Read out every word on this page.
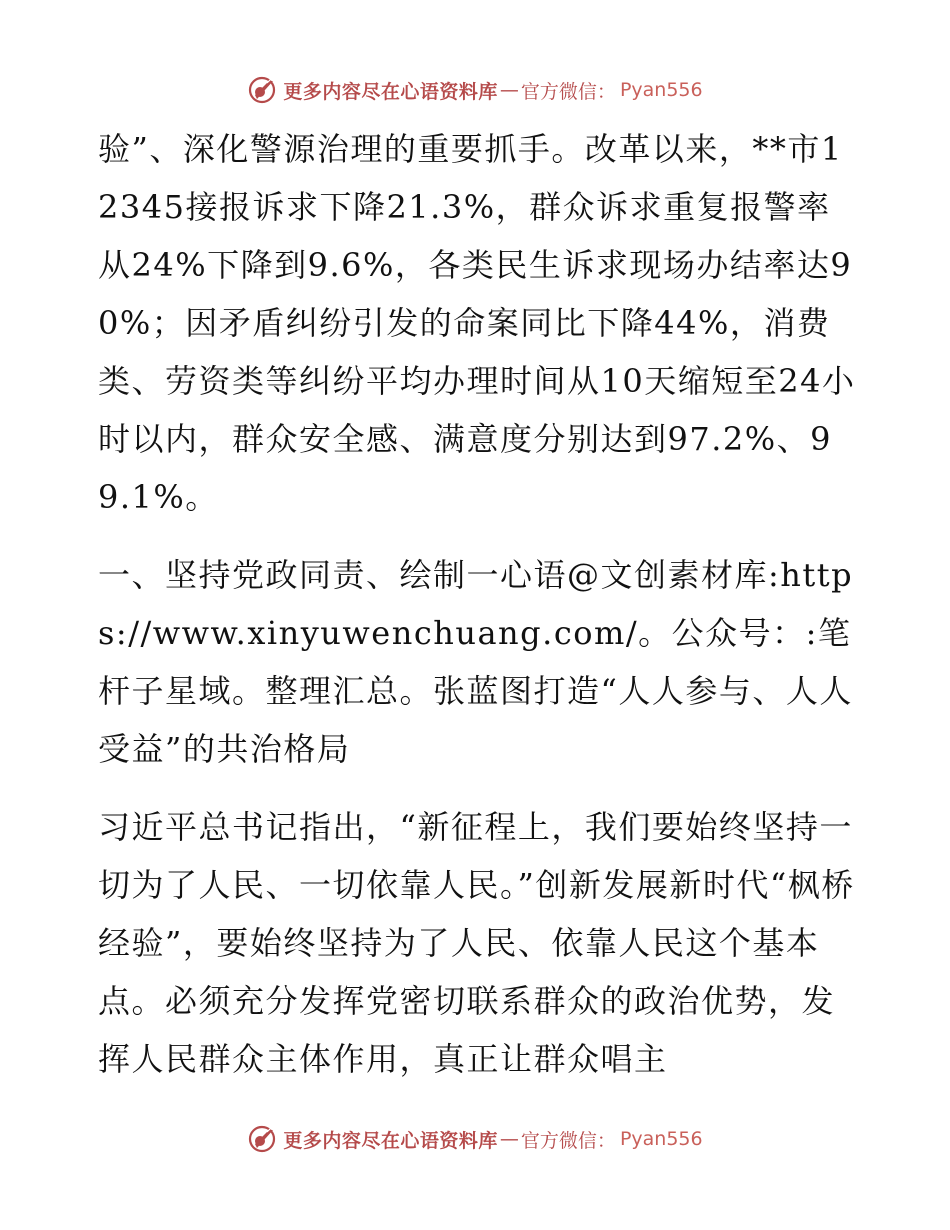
更多内容尽在心语资料库 — 官方微信： Pyan556

验”、深化警源治理的重要抓手。改革以来，**市12345接报诉求下降21.3%，群众诉求重复报警率从24%下降到9.6%，各类民生诉求现场办结率达90%；因矛盾纠纷引发的命案同比下降44%，消费类、劳资类等纠纷平均办理时间从10天缩短至24小时以内，群众安全感、满意度分别达到97.2%、99.1%。

一、坚持党政同责、绘制一心语@文创素材库:https://www.xinyuwenchuang.com/。公众号：:笔杆子星域。整理汇总。张蓝图打造“人人参与、人人受益”的共治格局

习近平总书记指出，“新征程上，我们要始终坚持一切为了人民、一切依靠人民。”创新发展新时代“枫桥经验”，要始终坚持为了人民、依靠人民这个基本点。必须充分发挥党密切联系群众的政治优势，发挥人民群众主体作用，真正让群众唱主

更多内容尽在心语资料库 — 官方微信： Pyan556
